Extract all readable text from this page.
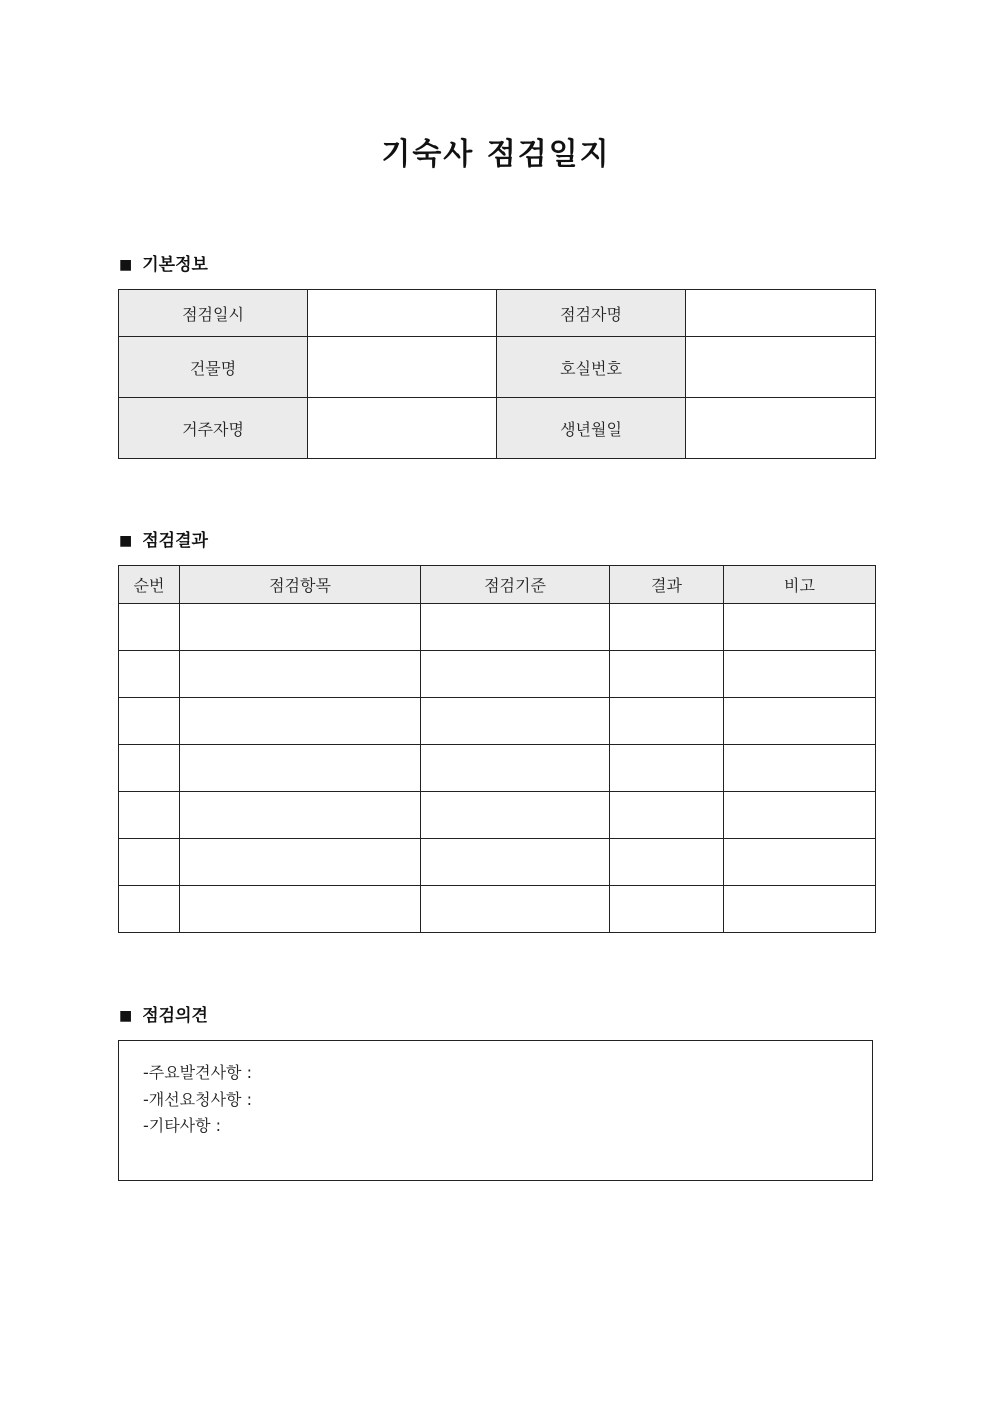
기숙사 점검일지
■ 기본정보
점검일시		점검자명	
건물명		호실번호	
거주자명		생년월일	
■ 점검결과
순번	점검항목	점검기준	결과	비고

■ 점검의견
-주요발견사항 :
-개선요청사항 :
-기타사항 :
